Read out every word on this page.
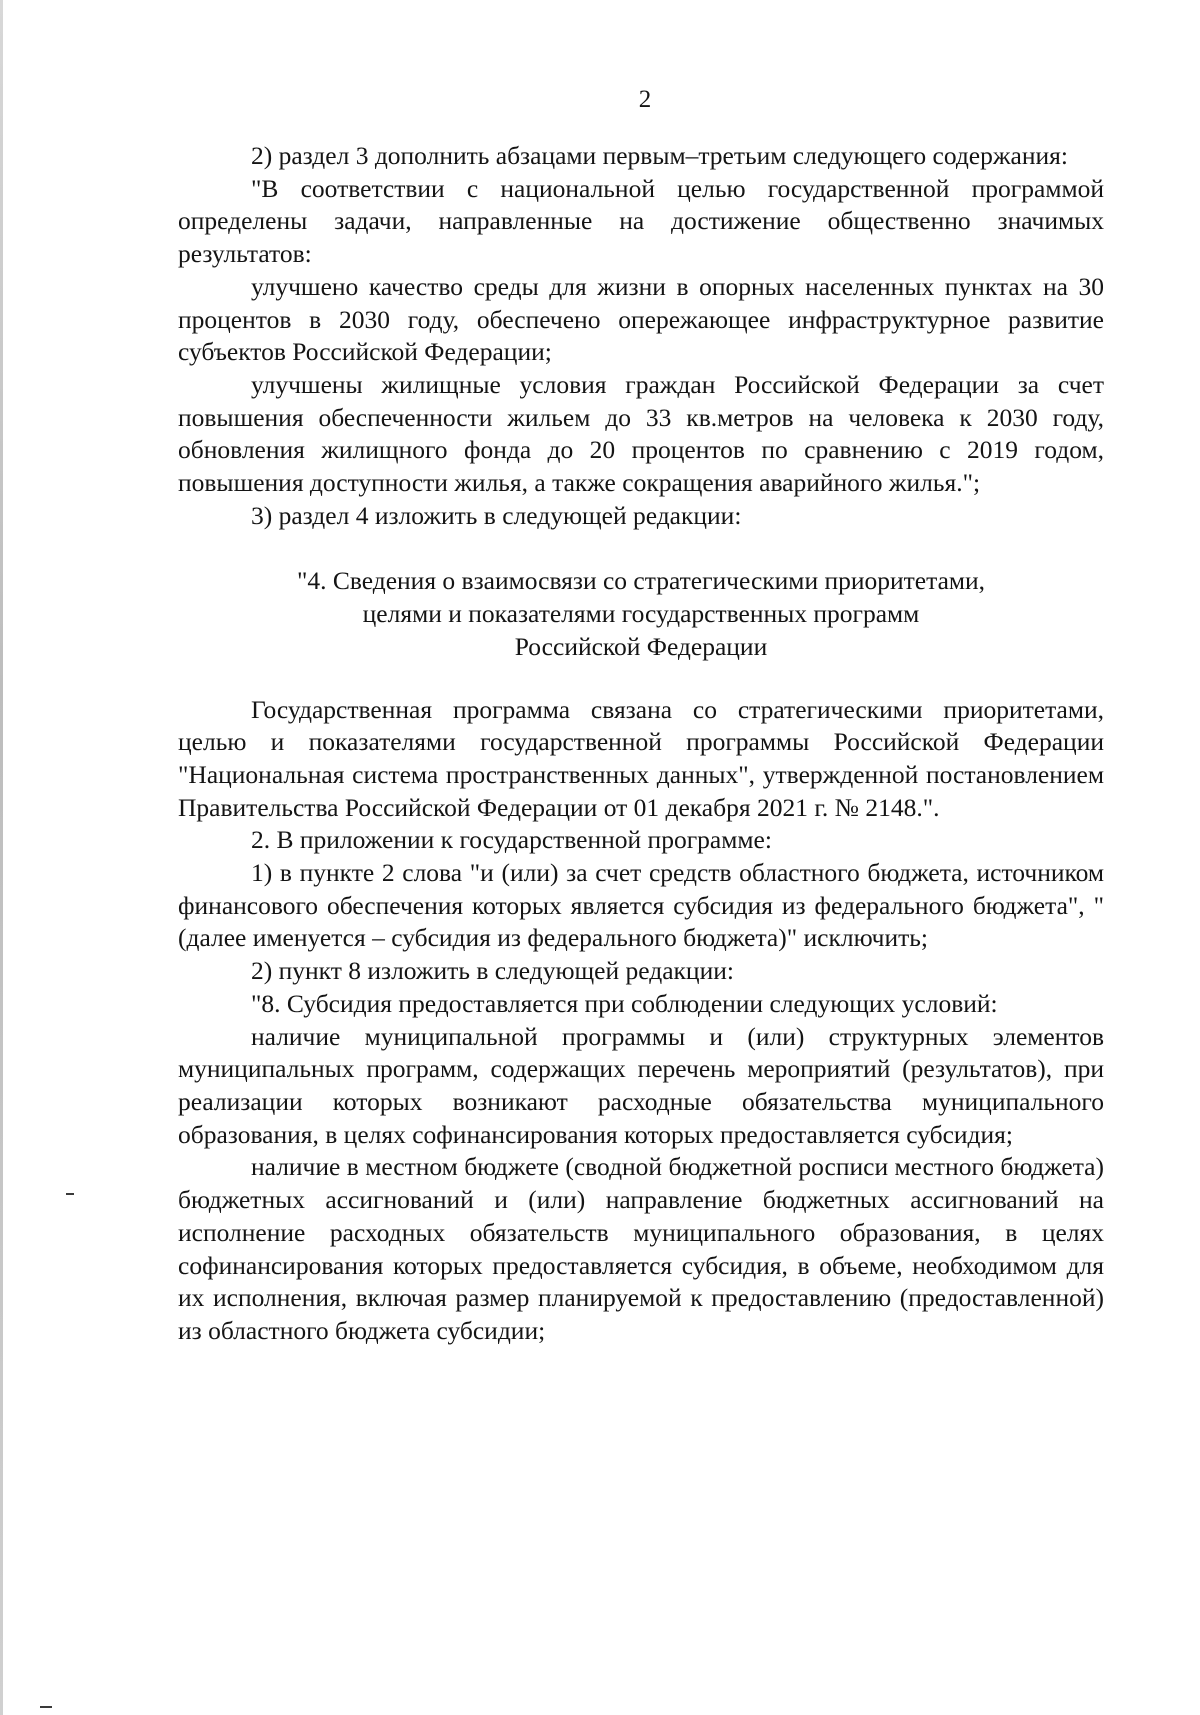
2

2) раздел 3 дополнить абзацами первым–третьим следующего содержания:

"В соответствии с национальной целью государственной программой определены задачи, направленные на достижение общественно значимых результатов:

улучшено качество среды для жизни в опорных населенных пунктах на 30 процентов в 2030 году, обеспечено опережающее инфраструктурное развитие субъектов Российской Федерации;

улучшены жилищные условия граждан Российской Федерации за счет повышения обеспеченности жильем до 33 кв.метров на человека к 2030 году, обновления жилищного фонда до 20 процентов по сравнению с 2019 годом, повышения доступности жилья, а также сокращения аварийного жилья.";

3) раздел 4 изложить в следующей редакции:

"4. Сведения о взаимосвязи со стратегическими приоритетами,
целями и показателями государственных программ
Российской Федерации

Государственная программа связана со стратегическими приоритетами, целью и показателями государственной программы Российской Федерации "Национальная система пространственных данных", утвержденной постановлением Правительства Российской Федерации от 01 декабря 2021 г. № 2148.".

2. В приложении к государственной программе:

1) в пункте 2 слова "и (или) за счет средств областного бюджета, источником финансового обеспечения которых является субсидия из федерального бюджета", "(далее именуется – субсидия из федерального бюджета)" исключить;

2) пункт 8 изложить в следующей редакции:

"8. Субсидия предоставляется при соблюдении следующих условий:

наличие муниципальной программы и (или) структурных элементов муниципальных программ, содержащих перечень мероприятий (результатов), при реализации которых возникают расходные обязательства муниципального образования, в целях софинансирования которых предоставляется субсидия;

наличие в местном бюджете (сводной бюджетной росписи местного бюджета) бюджетных ассигнований и (или) направление бюджетных ассигнований на исполнение расходных обязательств муниципального образования, в целях софинансирования которых предоставляется субсидия, в объеме, необходимом для их исполнения, включая размер планируемой к предоставлению (предоставленной) из областного бюджета субсидии;
